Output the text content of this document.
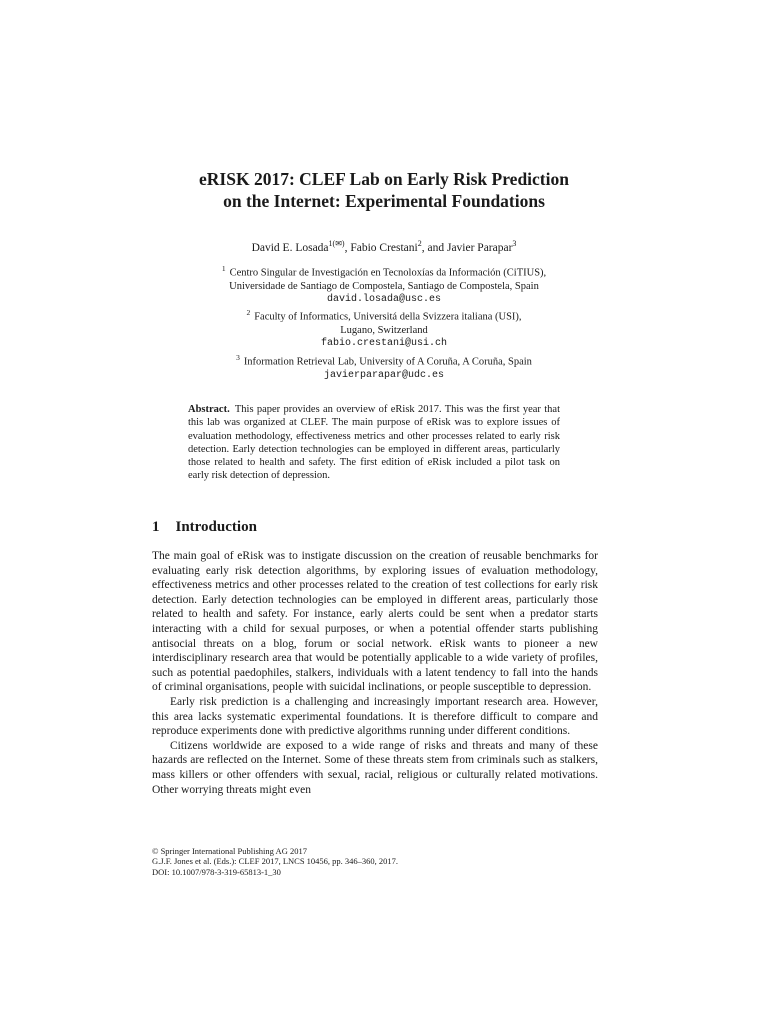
eRISK 2017: CLEF Lab on Early Risk Prediction
on the Internet: Experimental Foundations
David E. Losada$^{1(✉)}$, Fabio Crestani$^2$, and Javier Parapar$^3$
$^1$ Centro Singular de Investigación en Tecnoloxías da Información (CiTIUS),
Universidade de Santiago de Compostela, Santiago de Compostela, Spain
david.losada@usc.es
$^2$ Faculty of Informatics, Universitá della Svizzera italiana (USI),
Lugano, Switzerland
fabio.crestani@usi.ch
$^3$ Information Retrieval Lab, University of A Coruña, A Coruña, Spain
javierparapar@udc.es
Abstract. This paper provides an overview of eRisk 2017. This was the first year that this lab was organized at CLEF. The main purpose of eRisk was to explore issues of evaluation methodology, effectiveness metrics and other processes related to early risk detection. Early detection technologies can be employed in different areas, particularly those related to health and safety. The first edition of eRisk included a pilot task on early risk detection of depression.
1 Introduction

The main goal of eRisk was to instigate discussion on the creation of reusable benchmarks for evaluating early risk detection algorithms, by exploring issues of evaluation methodology, effectiveness metrics and other processes related to the creation of test collections for early risk detection. Early detection technologies can be employed in different areas, particularly those related to health and safety. For instance, early alerts could be sent when a predator starts interacting with a child for sexual purposes, or when a potential offender starts publishing antisocial threats on a blog, forum or social network. eRisk wants to pioneer a new interdisciplinary research area that would be potentially applicable to a wide variety of profiles, such as potential paedophiles, stalkers, individuals with a latent tendency to fall into the hands of criminal organisations, people with suicidal inclinations, or people susceptible to depression.

Early risk prediction is a challenging and increasingly important research area. However, this area lacks systematic experimental foundations. It is therefore difficult to compare and reproduce experiments done with predictive algorithms running under different conditions.

Citizens worldwide are exposed to a wide range of risks and threats and many of these hazards are reflected on the Internet. Some of these threats stem from criminals such as stalkers, mass killers or other offenders with sexual, racial, religious or culturally related motivations. Other worrying threats might even

© Springer International Publishing AG 2017
G.J.F. Jones et al. (Eds.): CLEF 2017, LNCS 10456, pp. 346–360, 2017.
DOI: 10.1007/978-3-319-65813-1_30
